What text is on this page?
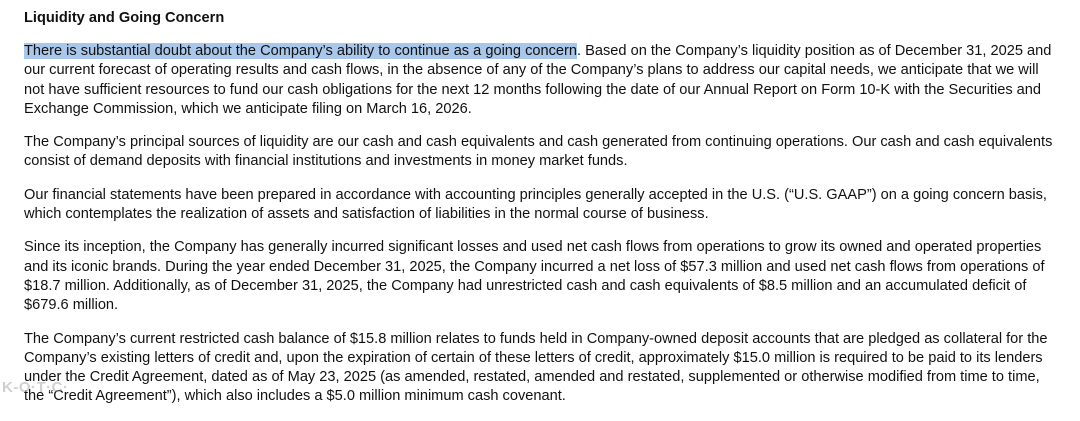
Liquidity and Going Concern
There is substantial doubt about the Company’s ability to continue as a going concern. Based on the Company’s liquidity position as of December 31, 2025 and our current forecast of operating results and cash flows, in the absence of any of the Company’s plans to address our capital needs, we anticipate that we will not have sufficient resources to fund our cash obligations for the next 12 months following the date of our Annual Report on Form 10-K with the Securities and Exchange Commission, which we anticipate filing on March 16, 2026.
The Company’s principal sources of liquidity are our cash and cash equivalents and cash generated from continuing operations. Our cash and cash equivalents consist of demand deposits with financial institutions and investments in money market funds.
Our financial statements have been prepared in accordance with accounting principles generally accepted in the U.S. (“U.S. GAAP”) on a going concern basis, which contemplates the realization of assets and satisfaction of liabilities in the normal course of business.
Since its inception, the Company has generally incurred significant losses and used net cash flows from operations to grow its owned and operated properties and its iconic brands. During the year ended December 31, 2025, the Company incurred a net loss of $57.3 million and used net cash flows from operations of $18.7 million. Additionally, as of December 31, 2025, the Company had unrestricted cash and cash equivalents of $8.5 million and an accumulated deficit of $679.6 million.
The Company’s current restricted cash balance of $15.8 million relates to funds held in Company-owned deposit accounts that are pledged as collateral for the Company’s existing letters of credit and, upon the expiration of certain of these letters of credit, approximately $15.0 million is required to be paid to its lenders under the Credit Agreement, dated as of May 23, 2025 (as amended, restated, amended and restated, supplemented or otherwise modified from time to time, the “Credit Agreement”), which also includes a $5.0 million minimum cash covenant.
K-O·T·C·
